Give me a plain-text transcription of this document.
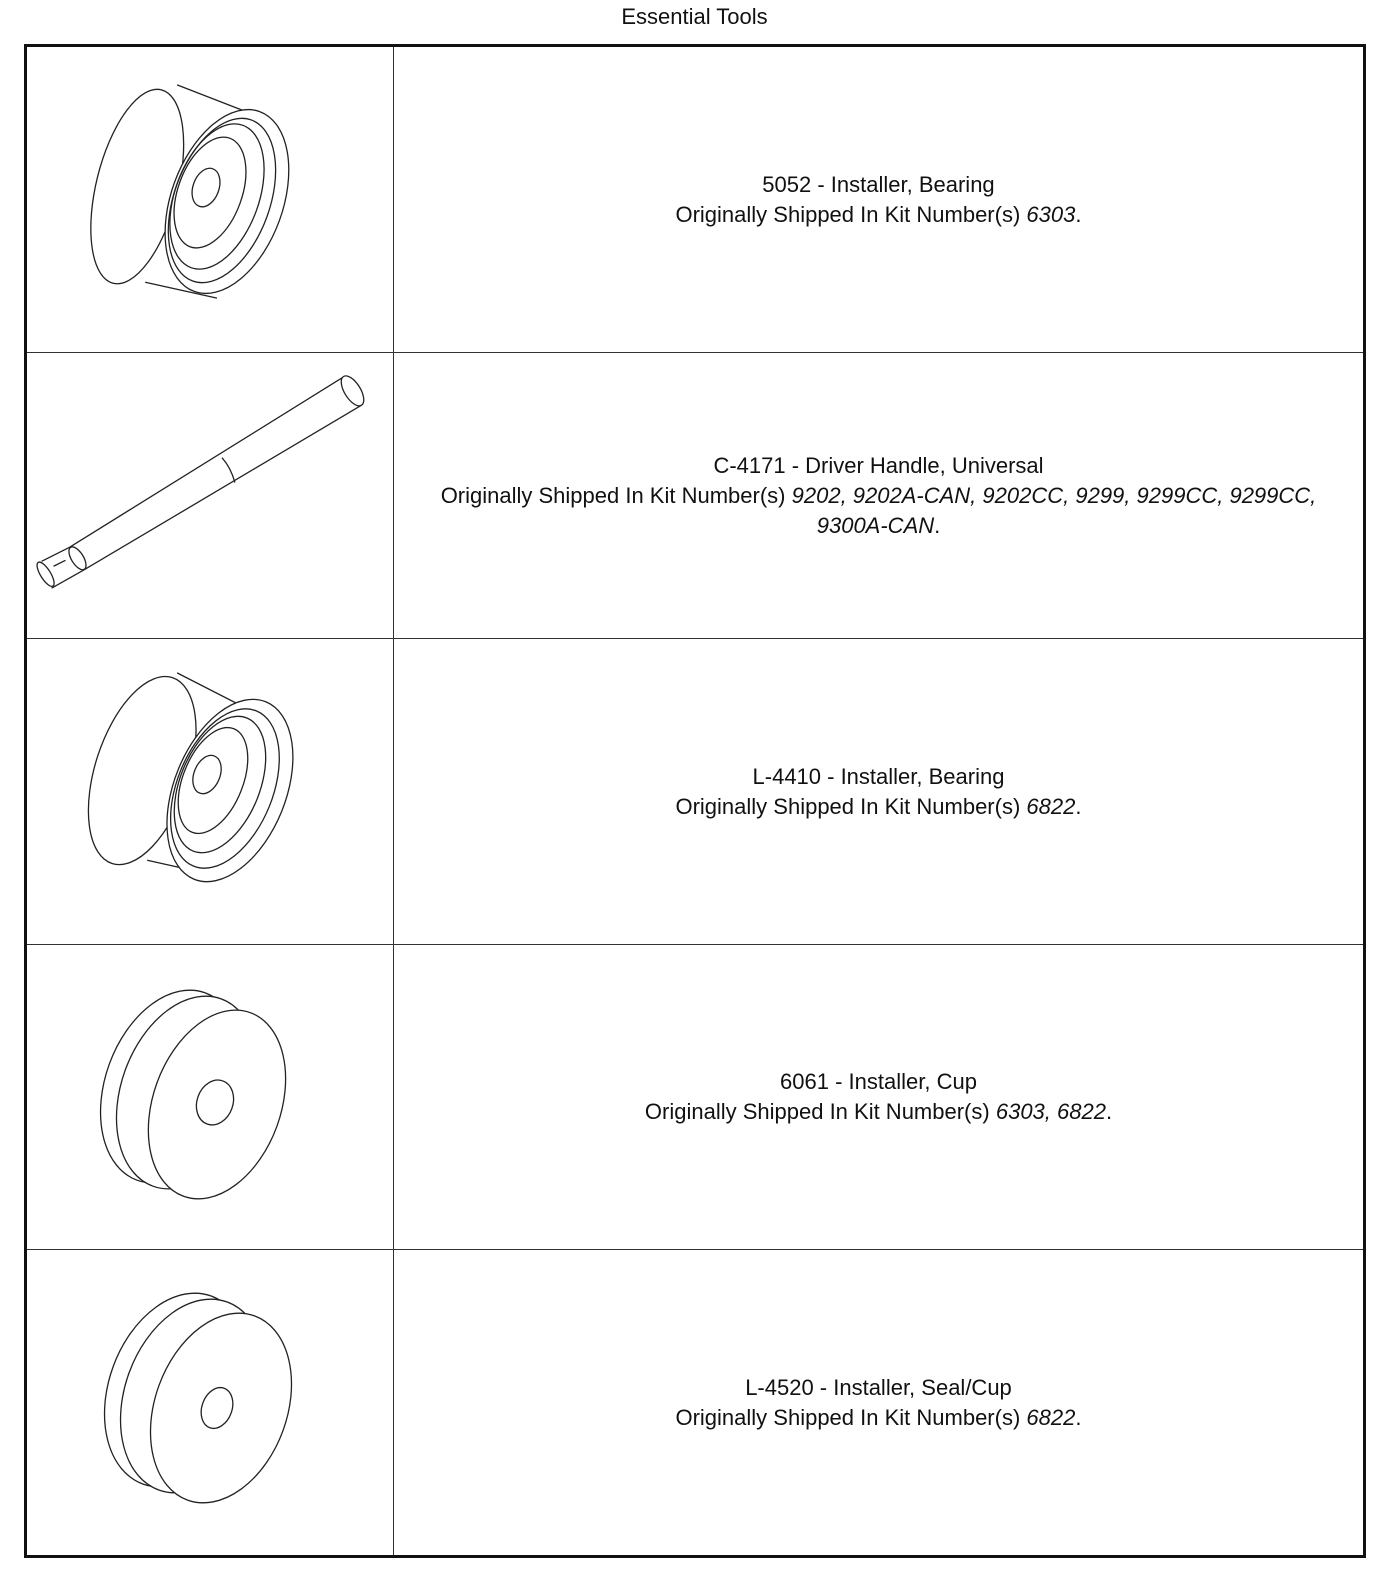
Essential Tools
5052 - Installer, Bearing
Originally Shipped In Kit Number(s) 6303.
C-4171 - Driver Handle, Universal
Originally Shipped In Kit Number(s) 9202, 9202A-CAN, 9202CC, 9299, 9299CC, 9299CC, 9300A-CAN.
L-4410 - Installer, Bearing
Originally Shipped In Kit Number(s) 6822.
6061 - Installer, Cup
Originally Shipped In Kit Number(s) 6303, 6822.
L-4520 - Installer, Seal/Cup
Originally Shipped In Kit Number(s) 6822.
